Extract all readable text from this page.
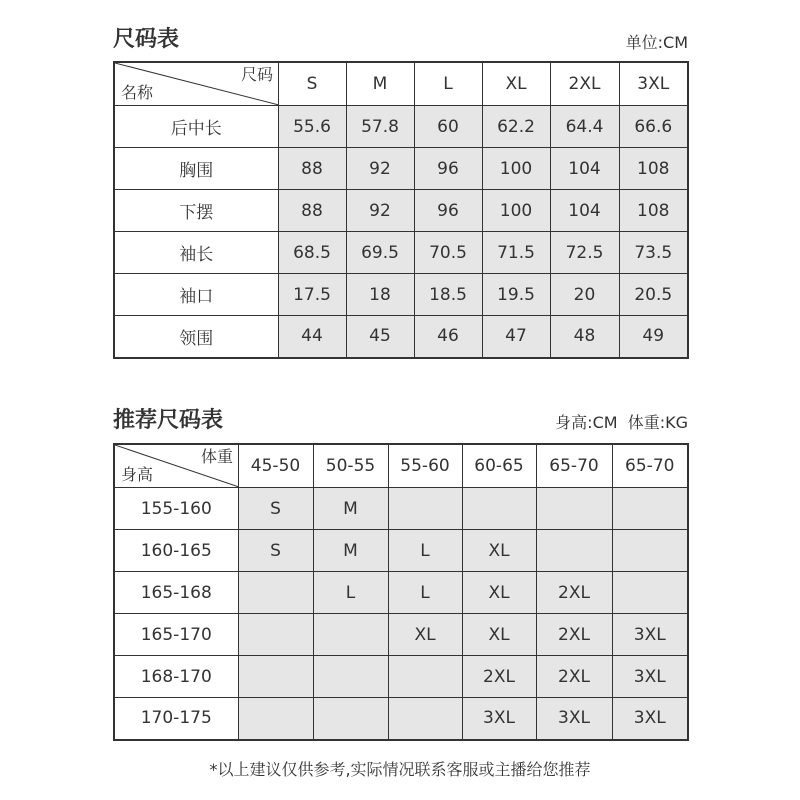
尺码表	单位:CM
尺码
名称	S	M	L	XL	2XL	3XL
后中长	55.6	57.8	60	62.2	64.4	66.6
胸围	88	92	96	100	104	108
下摆	88	92	96	100	104	108
袖长	68.5	69.5	70.5	71.5	72.5	73.5
袖口	17.5	18	18.5	19.5	20	20.5
领围	44	45	46	47	48	49
推荐尺码表	身高:CM  体重:KG
体重
身高	45-50	50-55	55-60	60-65	65-70	65-70
155-160	S	M				
160-165	S	M	L	XL		
165-168		L	L	XL	2XL	
165-170			XL	XL	2XL	3XL
168-170				2XL	2XL	3XL
170-175				3XL	3XL	3XL
*以上建议仅供参考,实际情况联系客服或主播给您推荐
